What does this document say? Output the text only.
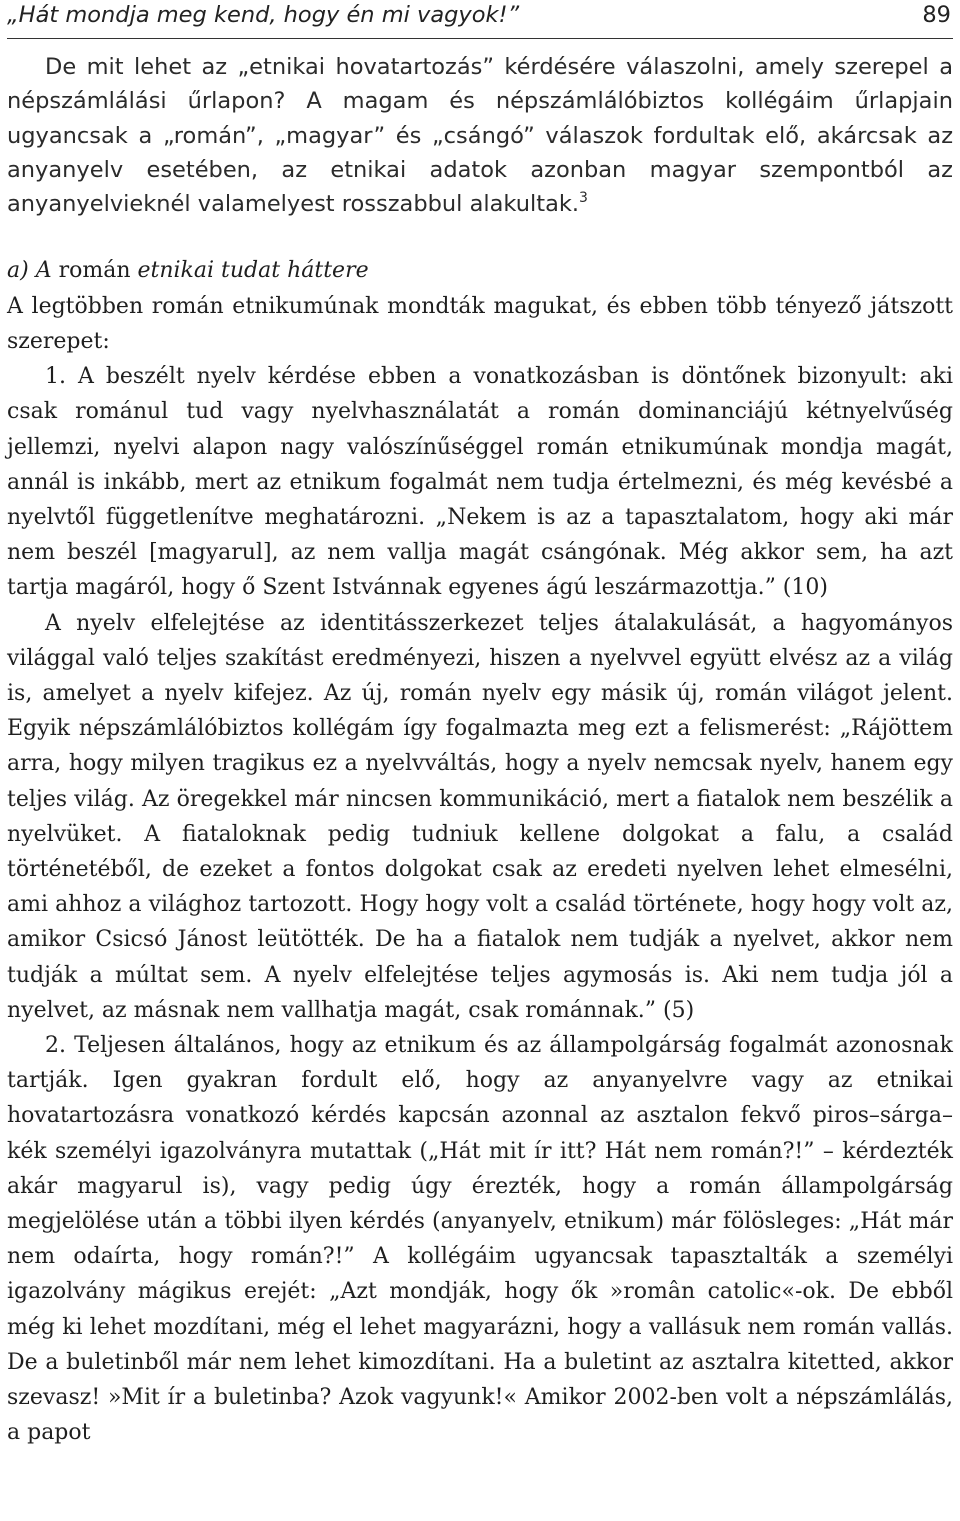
„Hát mondja meg kend, hogy én mi vagyok!”	89

De mit lehet az „etnikai hovatartozás” kérdésére válaszolni, amely szerepel a népszámlálási űrlapon? A magam és népszámlálóbiztos kollégáim űrlapjain ugyancsak a „román”, „magyar” és „csángó” válaszok fordultak elő, akárcsak az anyanyelv esetében, az etnikai adatok azonban magyar szempontból az anyanyelvieknél valamelyest rosszabbul alakultak.$^3$

a) A román etnikai tudat háttere

A legtöbben román etnikumúnak mondták magukat, és ebben több tényező játszott szerepet:

1. A beszélt nyelv kérdése ebben a vonatkozásban is döntőnek bizonyult: aki csak románul tud vagy nyelvhasználatát a román dominanciájú kétnyelvűség jellemzi, nyelvi alapon nagy valószínűséggel román etnikumúnak mondja magát, annál is inkább, mert az etnikum fogalmát nem tudja értelmezni, és még kevésbé a nyelvtől függetlenítve meghatározni. „Nekem is az a tapasztalatom, hogy aki már nem beszél [magyarul], az nem vallja magát csángónak. Még akkor sem, ha azt tartja magáról, hogy ő Szent Istvánnak egyenes ágú leszármazottja.” (10)

A nyelv elfelejtése az identitásszerkezet teljes átalakulását, a hagyományos világgal való teljes szakítást eredményezi, hiszen a nyelvvel együtt elvész az a világ is, amelyet a nyelv kifejez. Az új, román nyelv egy másik új, román világot jelent. Egyik népszámlálóbiztos kollégám így fogalmazta meg ezt a felismerést: „Rájöttem arra, hogy milyen tragikus ez a nyelvváltás, hogy a nyelv nemcsak nyelv, hanem egy teljes világ. Az öregekkel már nincsen kommunikáció, mert a fiatalok nem beszélik a nyelvüket. A fiataloknak pedig tudniuk kellene dolgokat a falu, a család történetéből, de ezeket a fontos dolgokat csak az eredeti nyelven lehet elmesélni, ami ahhoz a világhoz tartozott. Hogy hogy volt a család története, hogy hogy volt az, amikor Csicsó Jánost leütötték. De ha a fiatalok nem tudják a nyelvet, akkor nem tudják a múltat sem. A nyelv elfelejtése teljes agymosás is. Aki nem tudja jól a nyelvet, az másnak nem vallhatja magát, csak románnak.” (5)

2. Teljesen általános, hogy az etnikum és az állampolgárság fogalmát azonosnak tartják. Igen gyakran fordult elő, hogy az anyanyelvre vagy az etnikai hovatartozásra vonatkozó kérdés kapcsán azonnal az asztalon fekvő piros–sárga–kék személyi igazolványra mutattak („Hát mit ír itt? Hát nem román?!” – kérdezték akár magyarul is), vagy pedig úgy érezték, hogy a román állampolgárság megjelölése után a többi ilyen kérdés (anyanyelv, etnikum) már fölösleges: „Hát már nem odaírta, hogy román?!” A kollégáim ugyancsak tapasztalták a személyi igazolvány mágikus erejét: „Azt mondják, hogy ők »român catolic«-ok. De ebből még ki lehet mozdítani, még el lehet magyarázni, hogy a vallásuk nem román vallás. De a buletinből már nem lehet kimozdítani. Ha a buletint az asztalra kitetted, akkor szevasz! »Mit ír a buletinba? Azok vagyunk!« Amikor 2002-ben volt a népszámlálás, a papot
